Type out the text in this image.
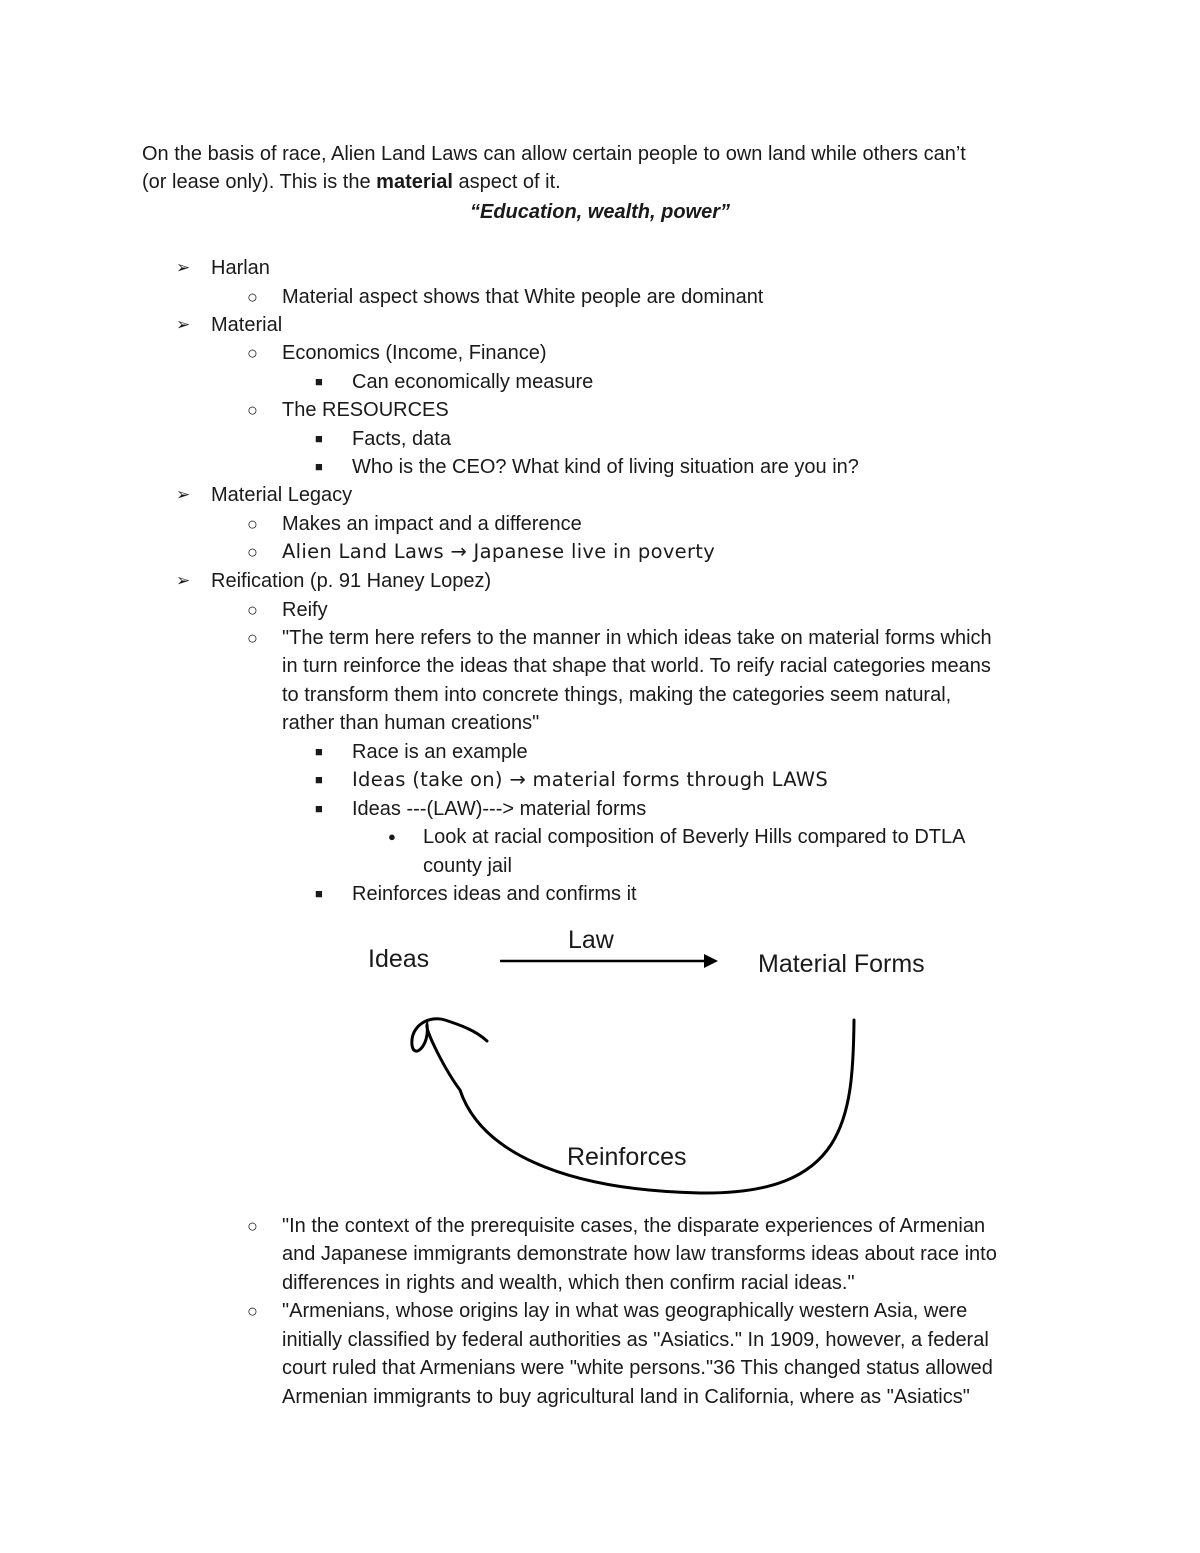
On the basis of race, Alien Land Laws can allow certain people to own land while others can’t
(or lease only). This is the material aspect of it.
“Education, wealth, power”
➢	Harlan
○	Material aspect shows that White people are dominant
➢	Material
○	Economics (Income, Finance)
■	Can economically measure
○	The RESOURCES
■	Facts, data
■	Who is the CEO? What kind of living situation are you in?
➢	Material Legacy
○	Makes an impact and a difference
○	Alien Land Laws → Japanese live in poverty
➢	Reification (p. 91 Haney Lopez)
○	Reify
○	"The term here refers to the manner in which ideas take on material forms which
in turn reinforce the ideas that shape that world. To reify racial categories means
to transform them into concrete things, making the categories seem natural,
rather than human creations"
■	Race is an example
■	Ideas (take on) → material forms through LAWS
■	Ideas ---(LAW)---> material forms
●	Look at racial composition of Beverly Hills compared to DTLA
county jail
■	Reinforces ideas and confirms it
Ideas
Law
Material Forms
Reinforces
○	"In the context of the prerequisite cases, the disparate experiences of Armenian
and Japanese immigrants demonstrate how law transforms ideas about race into
differences in rights and wealth, which then confirm racial ideas."
○	"Armenians, whose origins lay in what was geographically western Asia, were
initially classified by federal authorities as "Asiatics." In 1909, however, a federal
court ruled that Armenians were "white persons."36 This changed status allowed
Armenian immigrants to buy agricultural land in California, where as "Asiatics"
